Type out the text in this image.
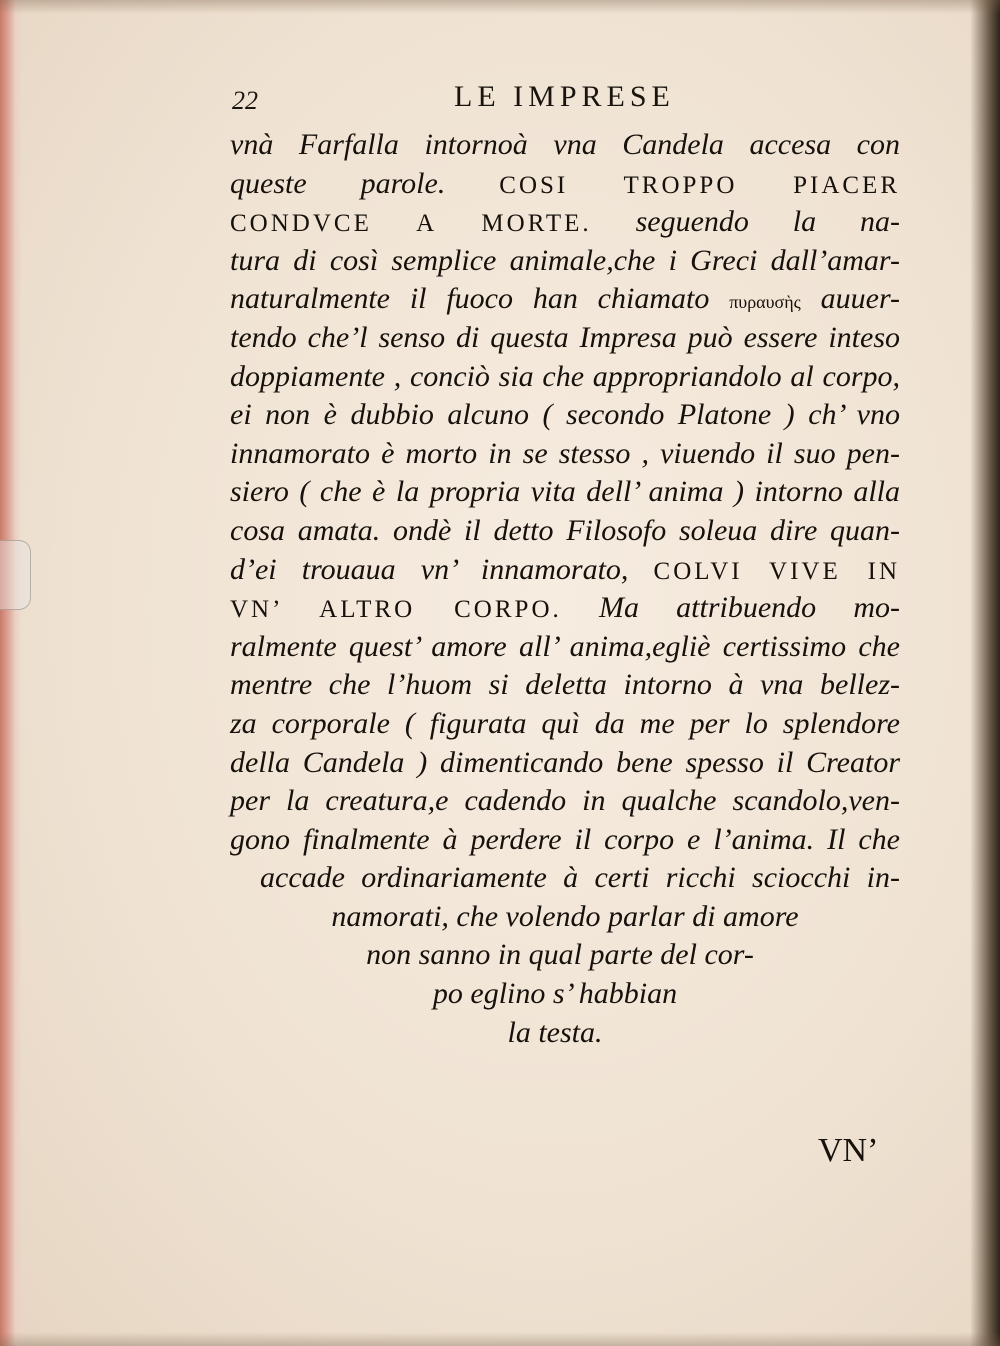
22	LE IMPRESE
vnà Farfalla intornoà vna Candela accesa con
queste parole. COSI TROPPO PIACER
CONDVCE A MORTE. seguendo la na-
tura di così semplice animale,che i Greci dall’amar-
naturalmente il fuoco han chiamato πυραυσὴς auuer-
tendo che’l senso di questa Impresa può essere inteso
doppiamente , conciò sia che appropriandolo al corpo,
ei non è dubbio alcuno ( secondo Platone ) ch’ vno
innamorato è morto in se stesso , viuendo il suo pen-
siero ( che è la propria vita dell’ anima ) intorno alla
cosa amata. ondè il detto Filosofo soleua dire quan-
d’ei trouaua vn’ innamorato, COLVI VIVE IN
VN’ ALTRO CORPO. Ma attribuendo mo-
ralmente quest’ amore all’ anima,egliè certissimo che
mentre che l’huom si deletta intorno à vna bellez-
za corporale ( figurata quì da me per lo splendore
della Candela ) dimenticando bene spesso il Creator
per la creatura,e cadendo in qualche scandolo,ven-
gono finalmente à perdere il corpo e l’anima. Il che
accade ordinariamente à certi ricchi sciocchi in-
namorati, che volendo parlar di amore
non sanno in qual parte del cor-
po eglino s’ habbian
la testa.
VN’
